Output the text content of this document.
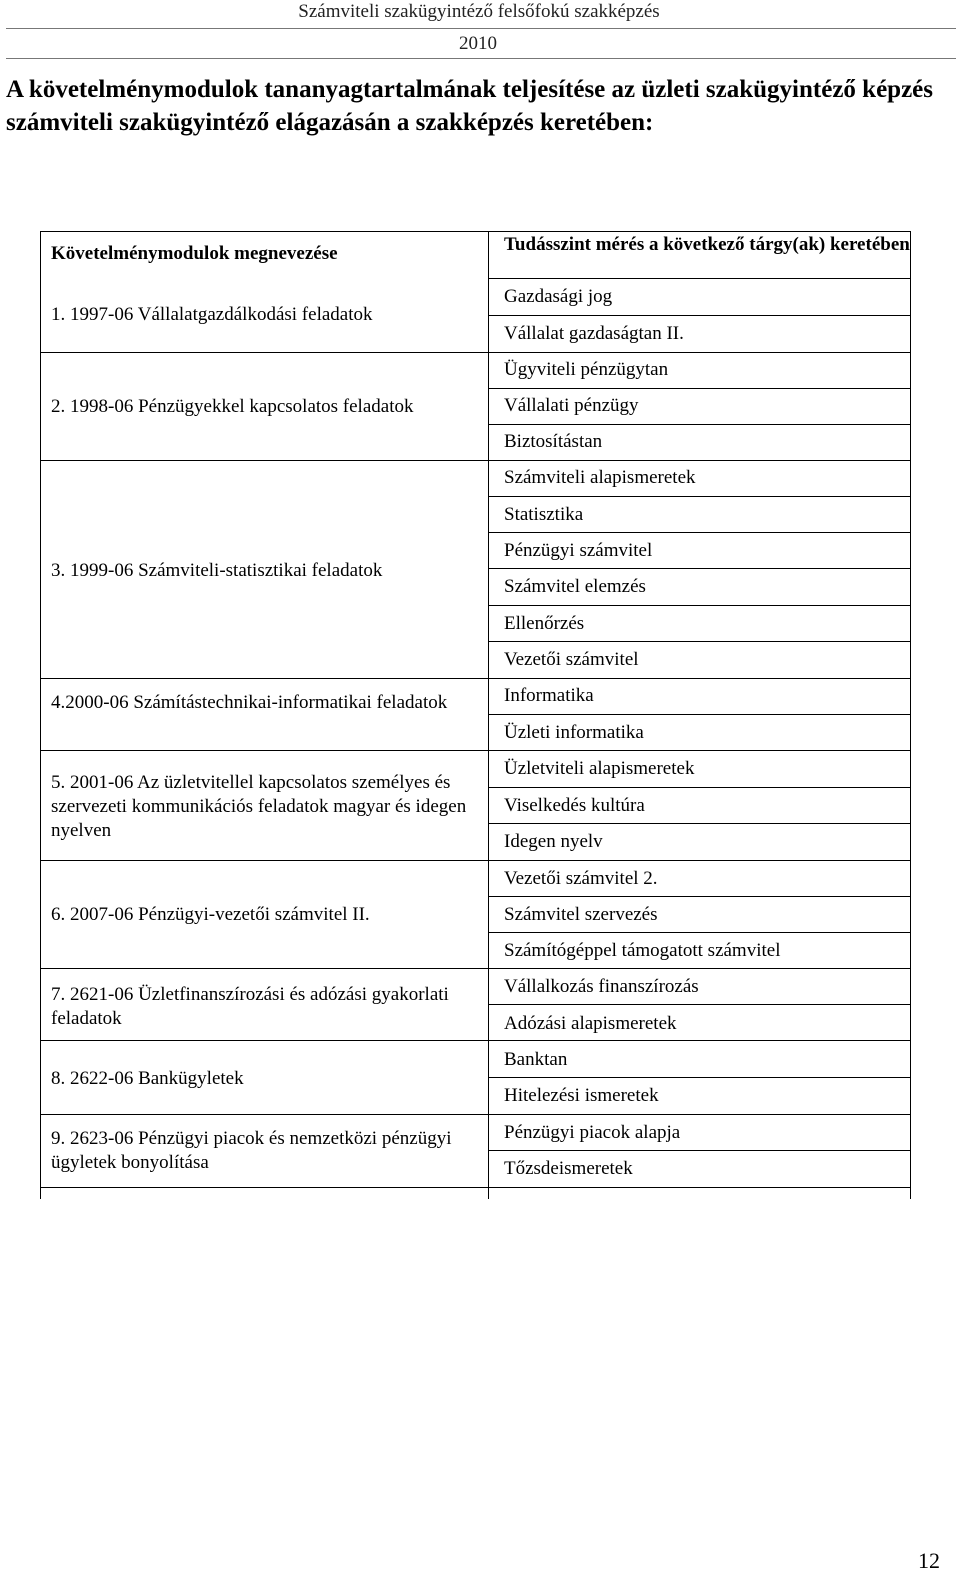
Számviteli szakügyintéző felsőfokú szakképzés
2010
A követelménymodulok tananyagtartalmának teljesítése az üzleti szakügyintéző képzés számviteli szakügyintéző elágazásán a szakképzés keretében:
Követelménymodulok megnevezése
1. 1997-06 Vállalatgazdálkodási feladatok
2. 1998-06 Pénzügyekkel kapcsolatos feladatok
3. 1999-06 Számviteli-statisztikai feladatok
4.2000-06 Számítástechnikai-informatikai feladatok
5. 2001-06 Az üzletvitellel kapcsolatos személyes és szervezeti kommunikációs feladatok magyar és idegen nyelven
6. 2007-06 Pénzügyi-vezetői számvitel II.
7. 2621-06 Üzletfinanszírozási és adózási gyakorlati feladatok
8. 2622-06 Bankügyletek
9. 2623-06 Pénzügyi piacok és nemzetközi pénzügyi ügyletek bonyolítása
Tudásszint mérés a következő tárgy(ak) keretében
Gazdasági jog
Vállalat gazdaságtan II.
Ügyviteli pénzügytan
Vállalati pénzügy
Biztosítástan
Számviteli alapismeretek
Statisztika
Pénzügyi számvitel
Számvitel elemzés
Ellenőrzés
Vezetői számvitel
Informatika
Üzleti informatika
Üzletviteli alapismeretek
Viselkedés kultúra
Idegen nyelv
Vezetői számvitel 2.
Számvitel szervezés
Számítógéppel támogatott számvitel
Vállalkozás finanszírozás
Adózási alapismeretek
Banktan
Hitelezési ismeretek
Pénzügyi piacok alapja
Tőzsdeismeretek
12
